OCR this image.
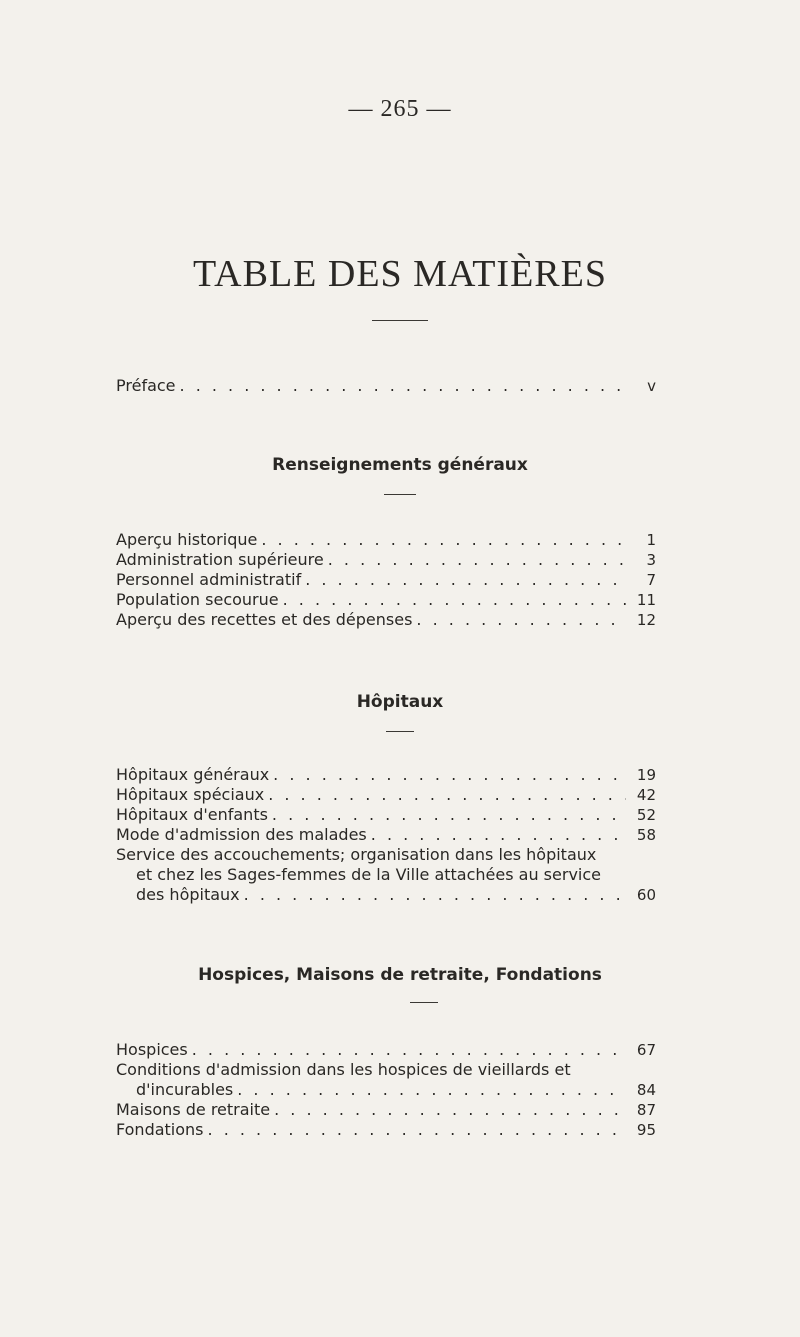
— 265 —
TABLE DES MATIÈRES
Préface . . .	v
Renseignements généraux
Aperçu historique . . .	1
Administration supérieure . . .	3
Personnel administratif . . .	7
Population secourue . . .	11
Aperçu des recettes et des dépenses . . .	12
Hôpitaux
Hôpitaux généraux . . .	19
Hôpitaux spéciaux . . .	42
Hôpitaux d'enfants . . .	52
Mode d'admission des malades . . .	58
Service des accouchements; organisation dans les hôpitaux
et chez les Sages-femmes de la Ville attachées au service
des hôpitaux . . .	60
Hospices, Maisons de retraite, Fondations
Hospices . . .	67
Conditions d'admission dans les hospices de vieillards et
d'incurables . . .	84
Maisons de retraite . . .	87
Fondations . . .	95
